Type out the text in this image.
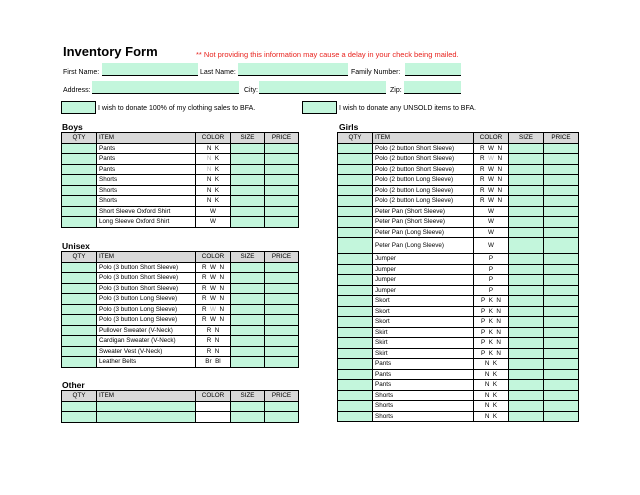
Inventory Form	** Not providing this information may cause a delay in your check being mailed.
First Name:	Last Name:	Family Number:
Address:	City:	Zip:
I wish to donate 100% of my clothing sales to BFA.	I wish to donate any UNSOLD items to BFA.
Boys
QTY	ITEM	COLOR	SIZE	PRICE
	Pants	N K		
	Pants	N K		
	Pants	N K		
	Shorts	N K		
	Shorts	N K		
	Shorts	N K		
	Short Sleeve Oxford Shirt	W		
	Long Sleeve Oxford Shirt	W		
Unisex
QTY	ITEM	COLOR	SIZE	PRICE
	Polo (3 button Short Sleeve)	R W N		
	Polo (3 button Short Sleeve)	R W N		
	Polo (3 button Short Sleeve)	R W N		
	Polo (3 button Long Sleeve)	R W N		
	Polo (3 button Long Sleeve)	R W N		
	Polo (3 button Long Sleeve)	R W N		
	Pullover Sweater (V-Neck)	R N		
	Cardigan Sweater (V-Neck)	R N		
	Sweater Vest (V-Neck)	R N		
	Leather Belts	Br Bl		
Other
QTY	ITEM	COLOR	SIZE	PRICE

Girls
QTY	ITEM	COLOR	SIZE	PRICE
	Polo (2 button Short Sleeve)	R W N		
	Polo (2 button Short Sleeve)	R W N		
	Polo (2 button Short Sleeve)	R W N		
	Polo (2 button Long Sleeve)	R W N		
	Polo (2 button Long Sleeve)	R W N		
	Polo (2 button Long Sleeve)	R W N		
	Peter Pan (Short Sleeve)	W		
	Peter Pan (Short Sleeve)	W		
	Peter Pan (Long Sleeve)	W		
	Peter Pan (Long Sleeve)	W		
	Jumper	P		
	Jumper	P		
	Jumper	P		
	Jumper	P		
	Skort	P K N		
	Skort	P K N		
	Skort	P K N		
	Skirt	P K N		
	Skirt	P K N		
	Skirt	P K N		
	Pants	N K		
	Pants	N K		
	Pants	N K		
	Shorts	N K		
	Shorts	N K		
	Shorts	N K		
